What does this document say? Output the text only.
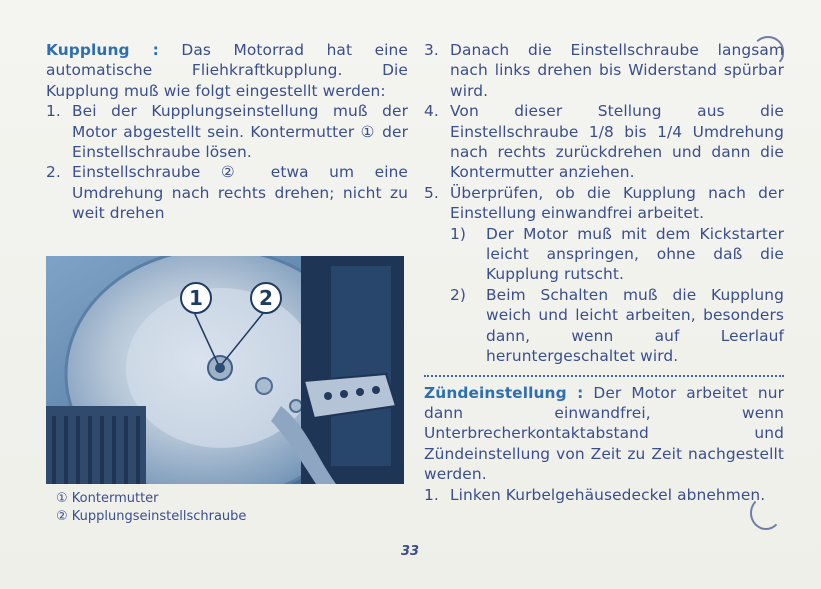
Kupplung : Das Motorrad hat eine automatische Fliehkraftkupplung. Die Kupplung muß wie folgt eingestellt werden:

1. Bei der Kupplungseinstellung muß der Motor abgestellt sein. Kontermutter ① der Einstellschraube lösen.
2. Einstellschraube ② etwa um eine Umdrehung nach rechts drehen; nicht zu weit drehen
1	2
① Kontermutter
② Kupplungseinstellschraube
3. Danach die Einstellschraube langsam nach links drehen bis Widerstand spürbar wird.
4. Von dieser Stellung aus die Einstellschraube 1/8 bis 1/4 Umdrehung nach rechts zurückdrehen und dann die Kontermutter anziehen.
5. Überprüfen, ob die Kupplung nach der Einstellung einwandfrei arbeitet.
1)	Der Motor muß mit dem Kickstarter leicht anspringen, ohne daß die Kupplung rutscht.
2)	Beim Schalten muß die Kupplung weich und leicht arbeiten, besonders dann, wenn auf Leerlauf heruntergeschaltet wird.

Zündeinstellung : Der Motor arbeitet nur dann einwandfrei, wenn Unterbrecherkontaktabstand und Zündeinstellung von Zeit zu Zeit nachgestellt werden.

1. Linken Kurbelgehäusedeckel abnehmen.
33
